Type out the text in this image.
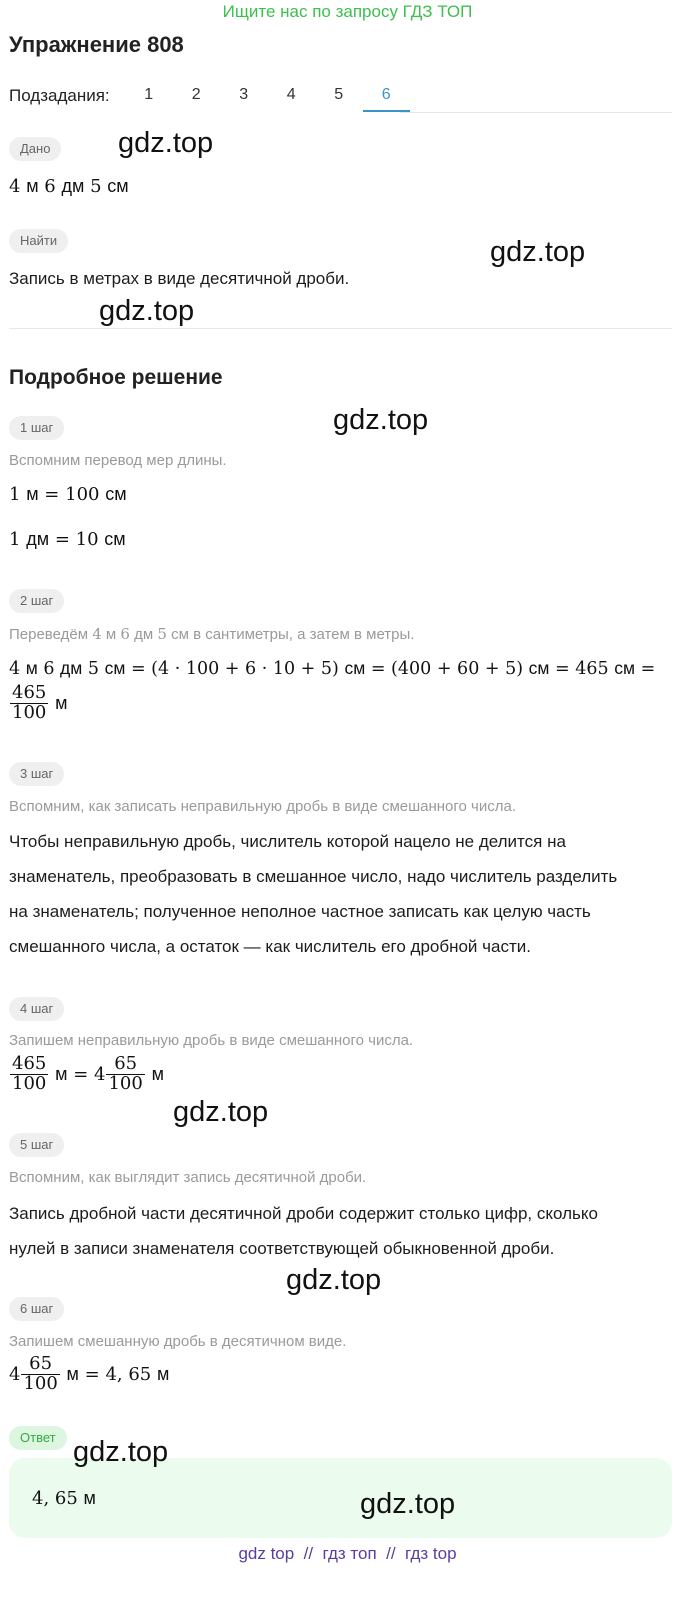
Ищите нас по запросу ГДЗ ТОП
Упражнение 808
Подзадания:	1	2	3	4	5	6
Дано
4 м 6 дм 5 см
Найти
Запись в метрах в виде десятичной дроби.
Подробное решение
1 шаг
Вспомним перевод мер длины.
1 м = 100 см
1 дм = 10 см
2 шаг
Переведём 4 м 6 дм 5 см в сантиметры, а затем в метры.
4 м 6 дм 5 см = (4 · 100 + 6 · 10 + 5) см = (400 + 60 + 5) см = 465 см =
$\frac{465}{100}$ м
3 шаг
Вспомним, как записать неправильную дробь в виде смешанного числа.
Чтобы неправильную дробь, числитель которой нацело не делится на
знаменатель, преобразовать в смешанное число, надо числитель разделить
на знаменатель; полученное неполное частное записать как целую часть
смешанного числа, а остаток — как числитель его дробной части.
4 шаг
Запишем неправильную дробь в виде смешанного числа.
$\frac{465}{100}$ $м = 4 \frac{65}{100}$ м
5 шаг
Вспомним, как выглядит запись десятичной дроби.
Запись дробной части десятичной дроби содержит столько цифр, сколько
нулей в записи знаменателя соответствующей обыкновенной дроби.
6 шаг
Запишем смешанную дробь в десятичном виде.
$4 \frac{65}{100}$ м = 4, 65 м
Ответ
4, 65 м
gdz.top
gdz.top
gdz.top
gdz.top
gdz.top
gdz.top
gdz.top
gdz.top
gdz top  //  гдз топ  //  гдз top
